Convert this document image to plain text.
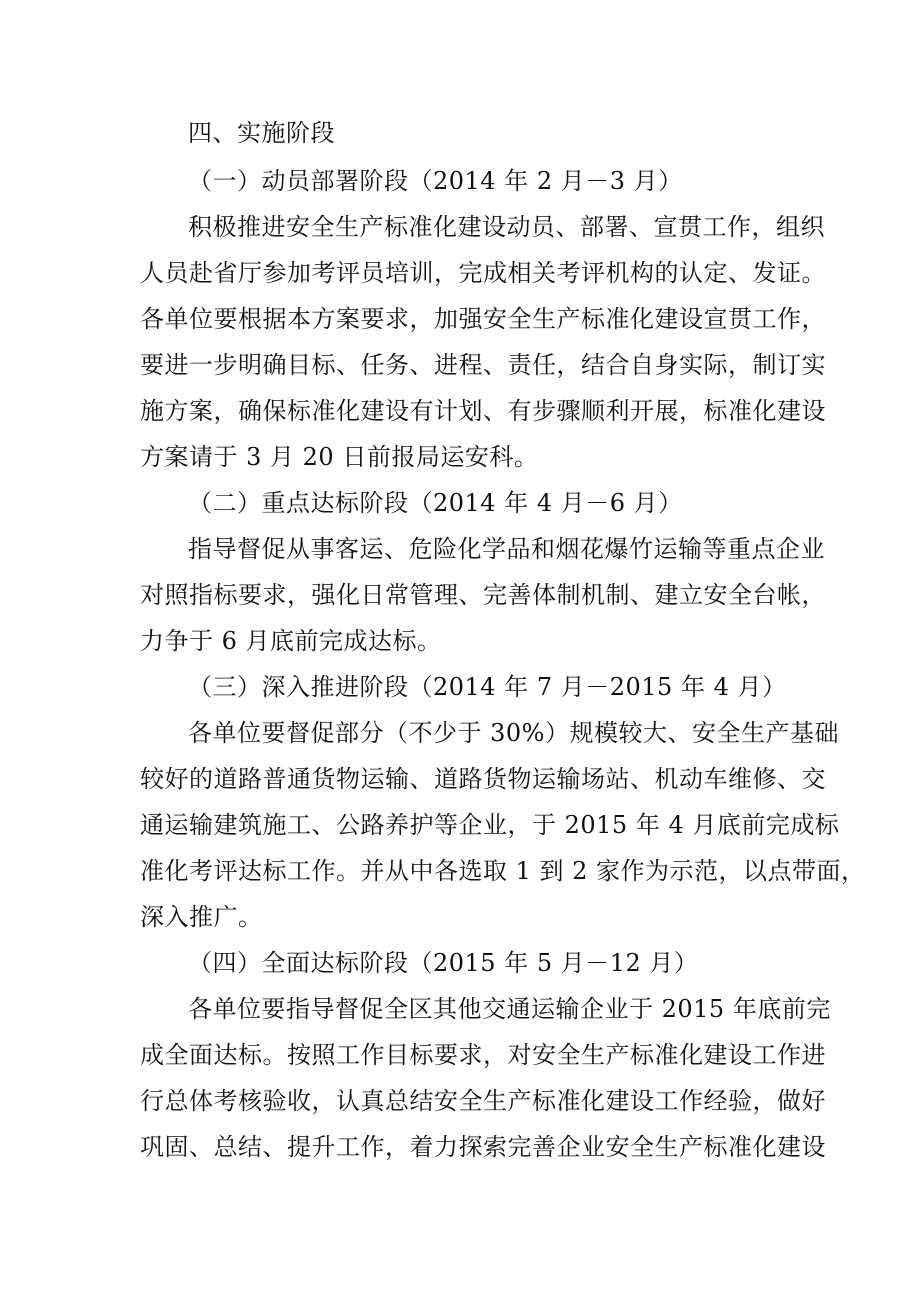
四、实施阶段
（一）动员部署阶段（2014 年 2 月－3 月）
积极推进安全生产标准化建设动员、部署、宣贯工作，组织
人员赴省厅参加考评员培训，完成相关考评机构的认定、发证。
各单位要根据本方案要求，加强安全生产标准化建设宣贯工作，
要进一步明确目标、任务、进程、责任，结合自身实际，制订实
施方案，确保标准化建设有计划、有步骤顺利开展，标准化建设
方案请于 3 月 20 日前报局运安科。
（二）重点达标阶段（2014 年 4 月－6 月）
指导督促从事客运、危险化学品和烟花爆竹运输等重点企业
对照指标要求，强化日常管理、完善体制机制、建立安全台帐，
力争于 6 月底前完成达标。
（三）深入推进阶段（2014 年 7 月－2015 年 4 月）
各单位要督促部分（不少于 30%）规模较大、安全生产基础
较好的道路普通货物运输、道路货物运输场站、机动车维修、交
通运输建筑施工、公路养护等企业，于 2015 年 4 月底前完成标
准化考评达标工作。并从中各选取 1 到 2 家作为示范，以点带面，
深入推广。
（四）全面达标阶段（2015 年 5 月－12 月）
各单位要指导督促全区其他交通运输企业于 2015 年底前完
成全面达标。按照工作目标要求，对安全生产标准化建设工作进
行总体考核验收，认真总结安全生产标准化建设工作经验，做好
巩固、总结、提升工作，着力探索完善企业安全生产标准化建设
